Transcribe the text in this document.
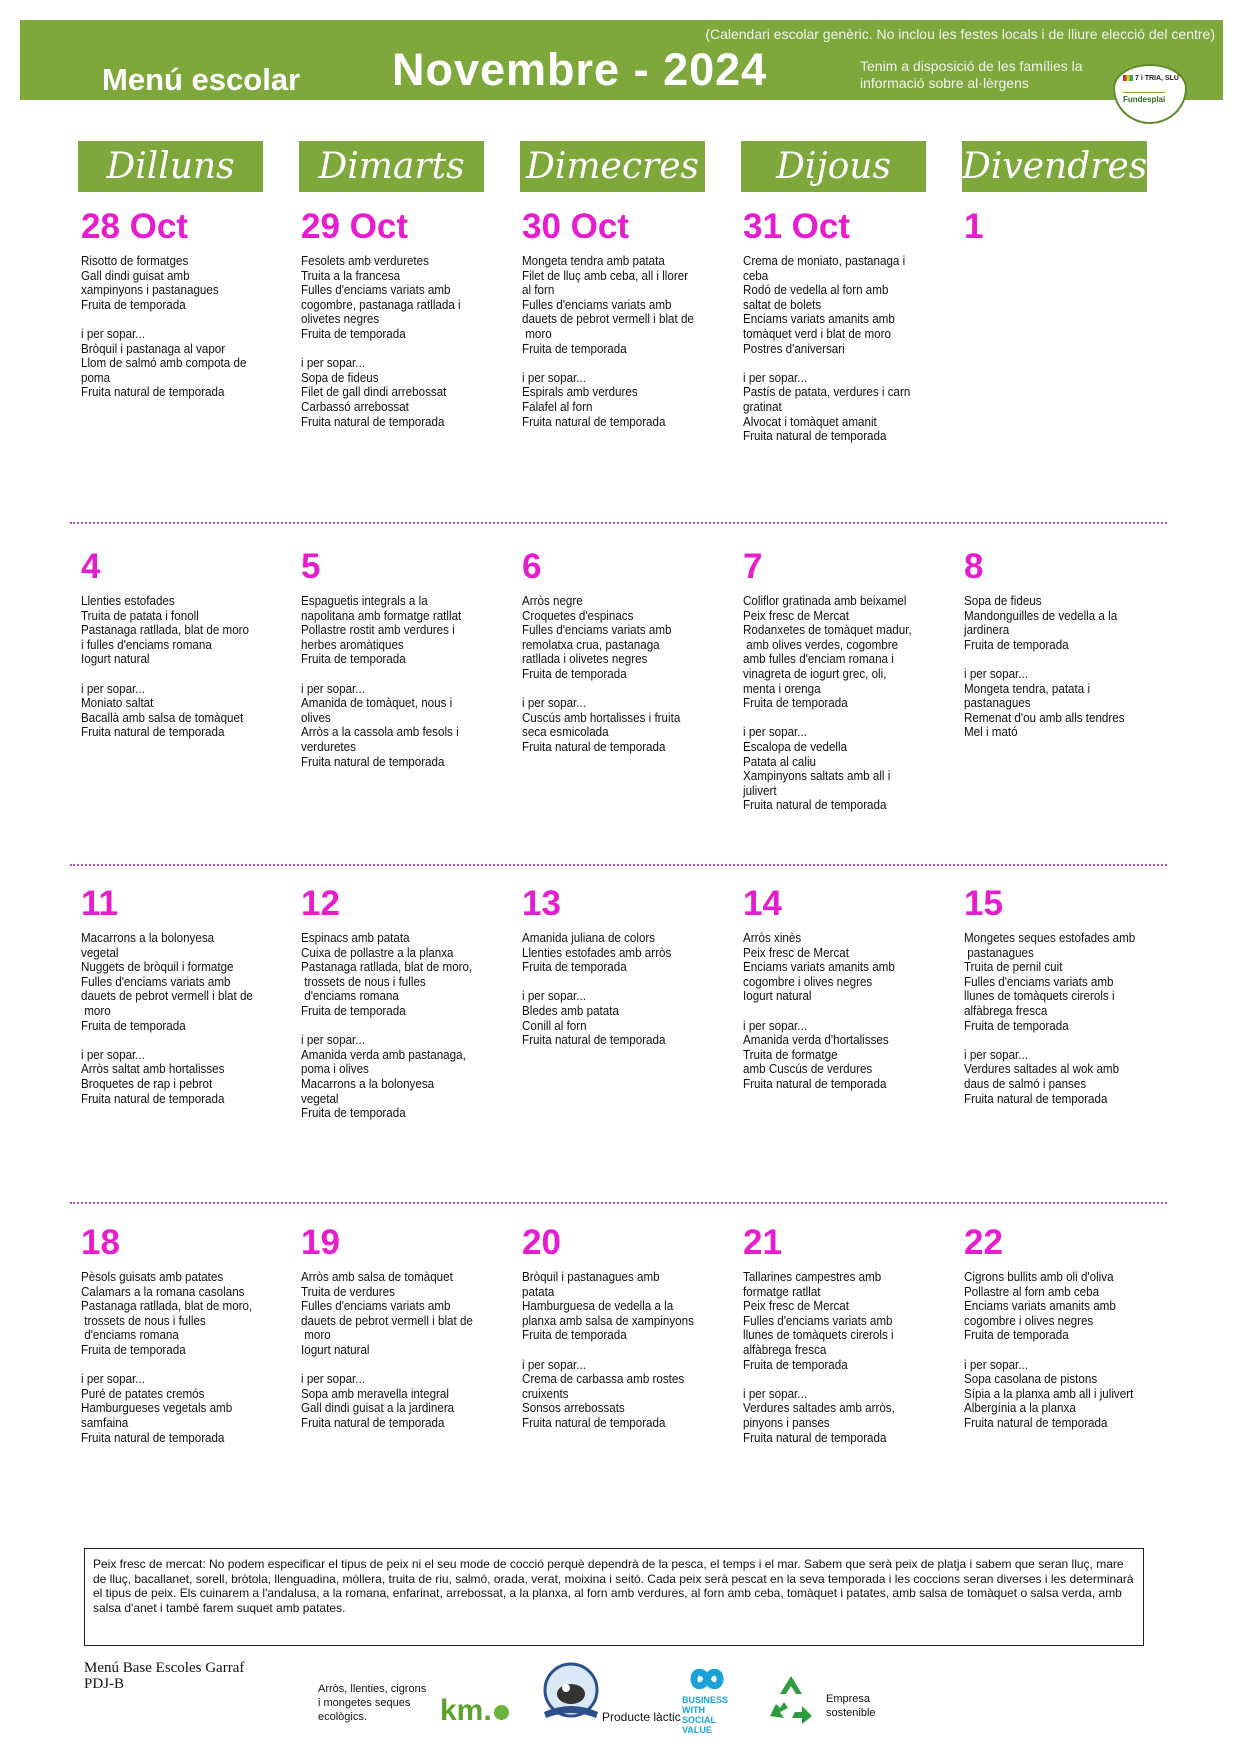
(Calendari escolar genèric. No inclou les festes locals i de lliure elecció del centre)
Menú escolar Novembre - 2024	Tenim a disposició de les famílies la informació sobre al·lèrgens	7 i TRIA, SLU
Fundesplai
Dilluns	Dimarts	Dimecres	Dijous	Divendres
28 Oct
Risotto de formatges
Gall dindi guisat amb
xampinyons i pastanagues
Fruita de temporada

i per sopar...
Bròquil i pastanaga al vapor
Llom de salmó amb compota de
poma
Fruita natural de temporada
29 Oct
Fesolets amb verduretes
Truita a la francesa
Fulles d'enciams variats amb
cogombre, pastanaga ratllada i
olivetes negres
Fruita de temporada

i per sopar...
Sopa de fideus
Filet de gall dindi arrebossat
Carbassó arrebossat
Fruita natural de temporada
30 Oct
Mongeta tendra amb patata
Filet de lluç amb ceba, all i llorer
al forn
Fulles d'enciams variats amb
dauets de pebrot vermell i blat de
moro
Fruita de temporada

i per sopar...
Espirals amb verdures
Falafel al forn
Fruita natural de temporada
31 Oct
Crema de moniato, pastanaga i
ceba
Rodó de vedella al forn amb
saltat de bolets
Enciams variats amanits amb
tomàquet verd i blat de moro
Postres d'aniversari

i per sopar...
Pastís de patata, verdures i carn
gratinat
Alvocat i tomàquet amanit
Fruita natural de temporada
1
4
Llenties estofades
Truita de patata i fonoll
Pastanaga ratllada, blat de moro
i fulles d'enciams romana
Iogurt natural

i per sopar...
Moniato saltat
Bacallà amb salsa de tomàquet
Fruita natural de temporada
5
Espaguetis integrals a la
napolitana amb formatge ratllat
Pollastre rostit amb verdures i
herbes aromàtiques
Fruita de temporada

i per sopar...
Amanida de tomàquet, nous i
olives
Arròs a la cassola amb fesols i
verduretes
Fruita natural de temporada
6
Arròs negre
Croquetes d'espinacs
Fulles d'enciams variats amb
remolatxa crua, pastanaga
ratllada i olivetes negres
Fruita de temporada

i per sopar...
Cuscús amb hortalisses i fruita
seca esmicolada
Fruita natural de temporada
7
Coliflor gratinada amb beixamel
Peix fresc de Mercat
Rodanxetes de tomàquet madur,
amb olives verdes, cogombre
amb fulles d'enciam romana i
vinagreta de iogurt grec, oli,
menta i orenga
Fruita de temporada

i per sopar...
Escalopa de vedella
Patata al caliu
Xampinyons saltats amb all i
julivert
Fruita natural de temporada
8
Sopa de fideus
Mandonguilles de vedella a la
jardinera
Fruita de temporada

i per sopar...
Mongeta tendra, patata i
pastanagues
Remenat d'ou amb alls tendres
Mel i mató
11
Macarrons a la bolonyesa
vegetal
Nuggets de bròquil i formatge
Fulles d'enciams variats amb
dauets de pebrot vermell i blat de
moro
Fruita de temporada

i per sopar...
Arròs saltat amb hortalisses
Broquetes de rap i pebrot
Fruita natural de temporada
12
Espinacs amb patata
Cuixa de pollastre a la planxa
Pastanaga ratllada, blat de moro,
trossets de nous i fulles
d'enciams romana
Fruita de temporada

i per sopar...
Amanida verda amb pastanaga,
poma i olives
Macarrons a la bolonyesa
vegetal
Fruita de temporada
13
Amanida juliana de colors
Llenties estofades amb arròs
Fruita de temporada

i per sopar...
Bledes amb patata
Conill al forn
Fruita natural de temporada
14
Arròs xinès
Peix fresc de Mercat
Enciams variats amanits amb
cogombre i olives negres
Iogurt natural

i per sopar...
Amanida verda d'hortalisses
Truita de formatge
amb Cuscús de verdures
Fruita natural de temporada
15
Mongetes seques estofades amb
pastanagues
Truita de pernil cuit
Fulles d'enciams variats amb
llunes de tomàquets cirerols i
alfàbrega fresca
Fruita de temporada

i per sopar...
Verdures saltades al wok amb
daus de salmó i panses
Fruita natural de temporada
18
Pèsols guisats amb patates
Calamars a la romana casolans
Pastanaga ratllada, blat de moro,
trossets de nous i fulles
d'enciams romana
Fruita de temporada

i per sopar...
Puré de patates cremós
Hamburgueses vegetals amb
samfaina
Fruita natural de temporada
19
Arròs amb salsa de tomàquet
Truita de verdures
Fulles d'enciams variats amb
dauets de pebrot vermell i blat de
moro
Iogurt natural

i per sopar...
Sopa amb meravella integral
Gall dindi guisat a la jardinera
Fruita natural de temporada
20
Bròquil i pastanagues amb
patata
Hamburguesa de vedella a la
planxa amb salsa de xampinyons
Fruita de temporada

i per sopar...
Crema de carbassa amb rostes
cruixents
Sonsos arrebossats
Fruita natural de temporada
21
Tallarines campestres amb
formatge ratllat
Peix fresc de Mercat
Fulles d'enciams variats amb
llunes de tomàquets cirerols i
alfàbrega fresca
Fruita de temporada

i per sopar...
Verdures saltades amb arròs,
pinyons i panses
Fruita natural de temporada
22
Cigrons bullits amb oli d'oliva
Pollastre al forn amb ceba
Enciams variats amanits amb
cogombre i olives negres
Fruita de temporada

i per sopar...
Sopa casolana de pistons
Sípia a la planxa amb all i julivert
Albergínia a la planxa
Fruita natural de temporada
Peix fresc de mercat: No podem especificar el tipus de peix ni el seu mode de cocció perquè dependrà de la pesca, el temps i el mar. Sabem que serà peix de platja i sabem que seran lluç, mare de lluç, bacallanet, sorell, bròtola, llenguadina, mòllera, truita de riu, salmó, orada, verat, moixina i seitó. Cada peix serà pescat en la seva temporada i les coccions seran diverses i les determinarà el tipus de peix. Els cuinarem a l'andalusa, a la romana, enfarinat, arrebossat, a la planxa, al forn amb verdures, al forn amb ceba, tomàquet i patates, amb salsa de tomàquet o salsa verda, amb salsa d'anet i també farem suquet amb patates.
Menú Base Escoles Garraf
PDJ-B	Arròs, llenties, cigrons i mongetes seques ecològics.	km.	Producte làctic
BUSINESS WITH SOCIAL VALUE
Empresa sostenible
